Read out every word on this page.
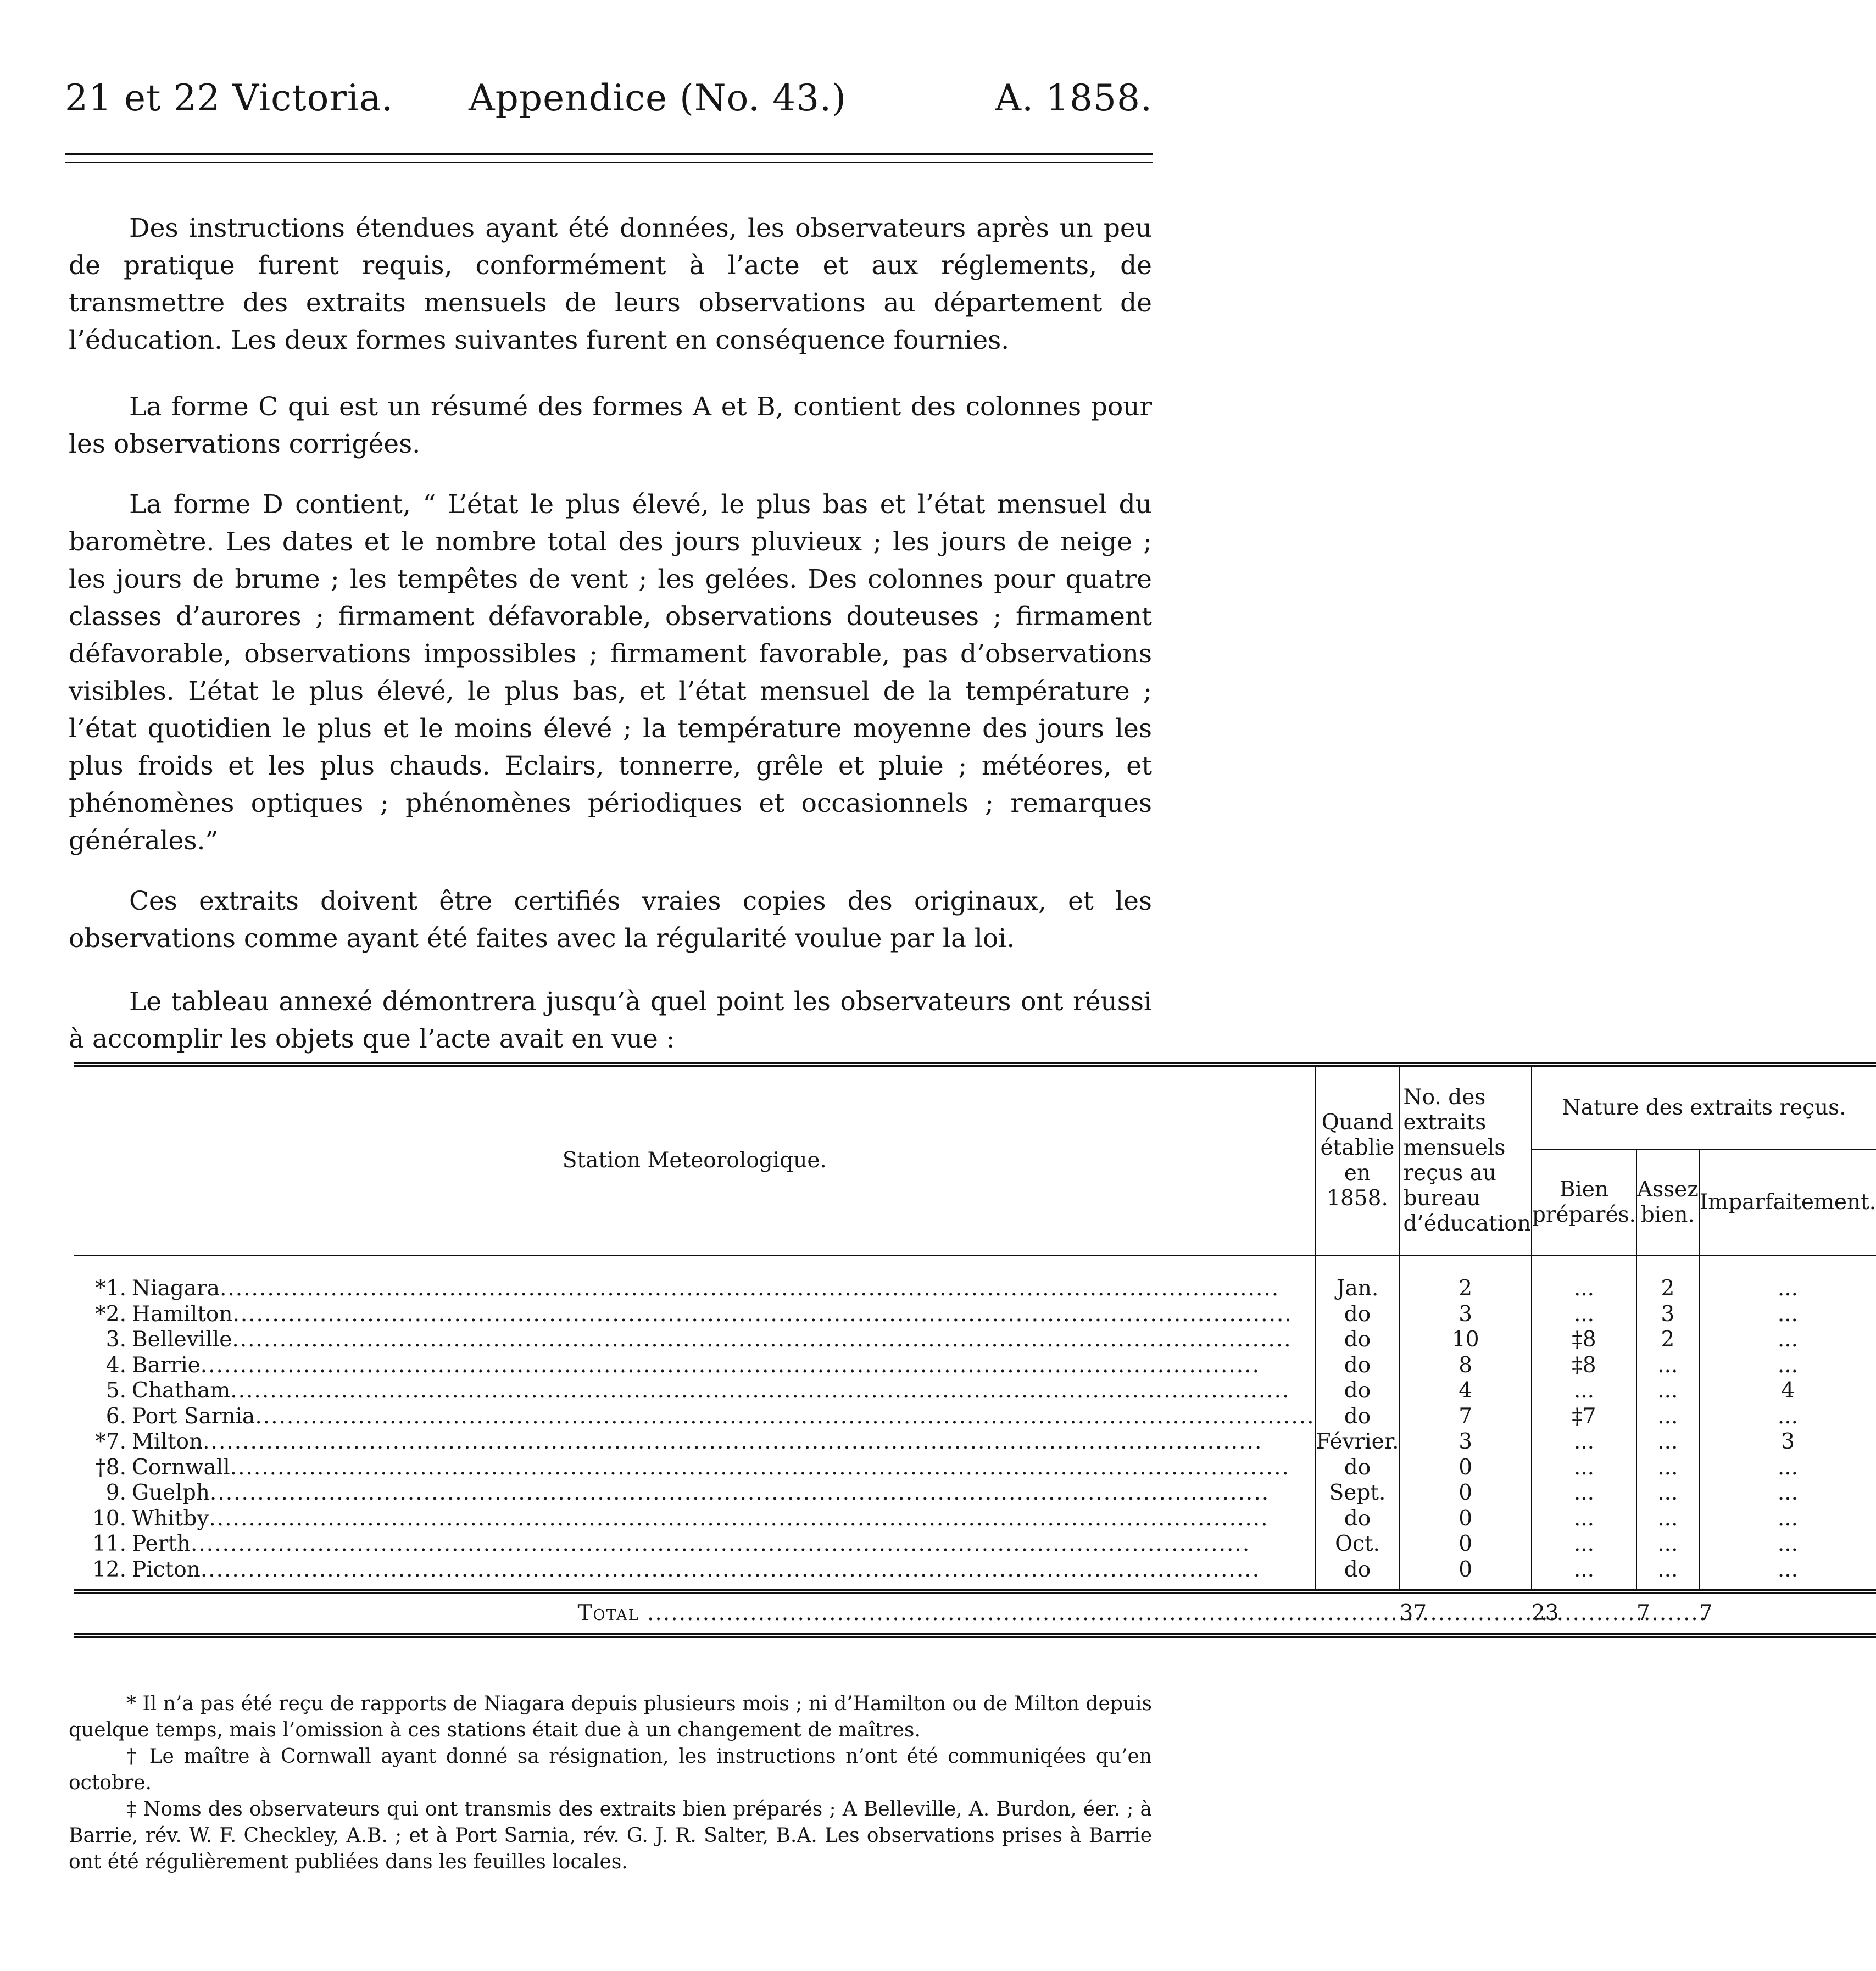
21 et 22 Victoria. Appendice (No. 43.)	A. 1858.

Des instructions étendues ayant été données, les observateurs après un peu de pratique furent requis, conformément à l’acte et aux réglements, de transmettre des extraits mensuels de leurs observations au département de l’éducation. Les deux formes suivantes furent en conséquence fournies.

La forme C qui est un résumé des formes A et B, contient des colonnes pour les observations corrigées.

La forme D contient, “ L’état le plus élevé, le plus bas et l’état mensuel du baromètre. Les dates et le nombre total des jours pluvieux ; les jours de neige ; les jours de brume ; les tempêtes de vent ; les gelées. Des colonnes pour quatre classes d’aurores ; firmament défavorable, observations douteuses ; firmament défavorable, observations impossibles ; firmament favorable, pas d’observations visibles. L’état le plus élevé, le plus bas, et l’état mensuel de la température ; l’état quotidien le plus et le moins élevé ; la température moyenne des jours les plus froids et les plus chauds. Eclairs, tonnerre, grêle et pluie ; météores, et phénomènes optiques ; phénomènes périodiques et occasionnels ; remarques générales.”

Ces extraits doivent être certifiés vraies copies des originaux, et les observations comme ayant été faites avec la régularité voulue par la loi.

Le tableau annexé démontrera jusqu’à quel point les observateurs ont réussi à accomplir les objets que l’acte avait en vue :

Station Meteorologique.	Quand établie en 1858.	No. des extraits mensuels reçus au bureau d’éducation	Nature des extraits reçus.		
			Bien préparés.	Assez bien.	Imparfaitement.
*1. Niagara .....	Jan.	2	...	2	...
*2. Hamilton .....	do	3	...	3	...
3. Belleville .....	do	10	‡8	2	...
4. Barrie .....	do	8	‡8	...	...
5. Chatham .....	do	4	...	...	4
6. Port Sarnia .....	do	7	‡7	...	...
*7. Milton .....	Février.	3	...	...	3
†8. Cornwall .....	do	0	...	...	...
9. Guelph .....	Sept.	0	...	...	...
10. Whitby .....	do	0	...	...	...
11. Perth .....	Oct.	0	...	...	...
12. Picton .....	do	0	...	...	...
Total .....		37	23	7	7

* Il n’a pas été reçu de rapports de Niagara depuis plusieurs mois ; ni d’Hamilton ou de Milton depuis quelque temps, mais l’omission à ces stations était due à un changement de maîtres.

† Le maître à Cornwall ayant donné sa résignation, les instructions n’ont été communiqées qu’en octobre.

‡ Noms des observateurs qui ont transmis des extraits bien préparés ; A Belleville, A. Burdon, éer. ; à Barrie, rév. W. F. Checkley, A.B. ; et à Port Sarnia, rév. G. J. R. Salter, B.A. Les observations prises à Barrie ont été régulièrement publiées dans les feuilles locales.
